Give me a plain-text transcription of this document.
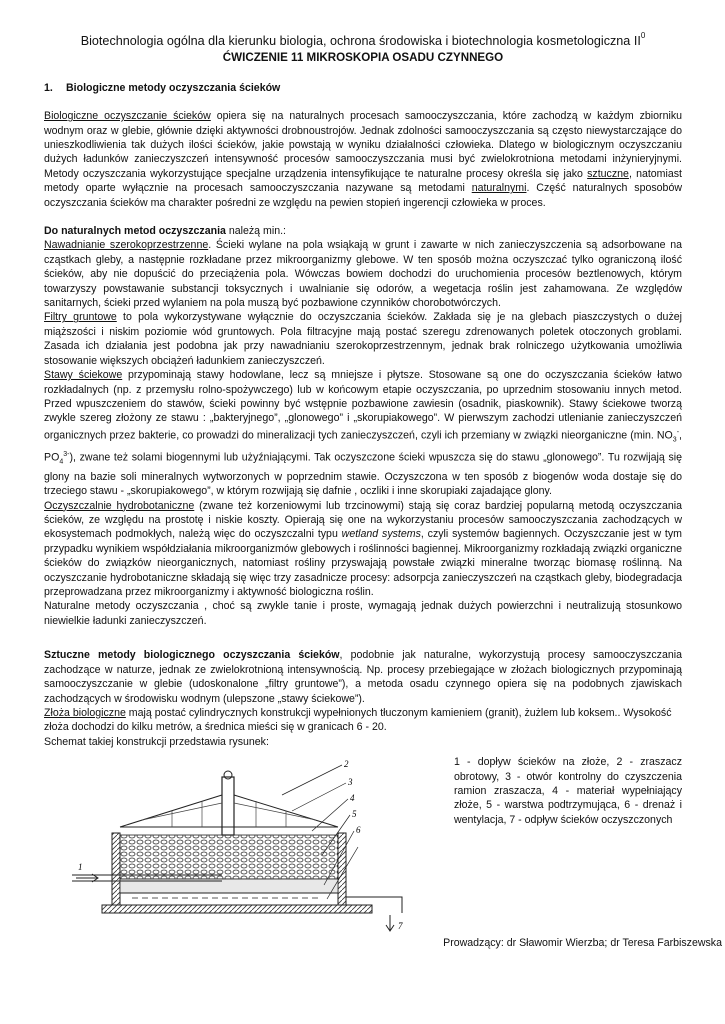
Biotechnologia ogólna dla kierunku biologia, ochrona środowiska i biotechnologia kosmetologiczna $II^0$
ĆWICZENIE 11 MIKROSKOPIA OSADU CZYNNEGO
1. Biologiczne metody oczyszczania ścieków

Biologiczne oczyszczanie ścieków opiera się na naturalnych procesach samooczyszczania, które zachodzą w każdym zbiorniku wodnym oraz w glebie, głównie dzięki aktywności drobnoustrojów. Jednak zdolności samooczyszczania są często niewystarczające do unieszkodliwienia tak dużych ilości ścieków, jakie powstają w wyniku działalności człowieka. Dlatego w biologicznym oczyszczaniu dużych ładunków zanieczyszczeń intensywność procesów samooczyszczania musi być zwielokrotniona metodami inżynieryjnymi. Metody oczyszczania wykorzystujące specjalne urządzenia intensyfikujące te naturalne procesy określa się jako sztuczne, natomiast metody oparte wyłącznie na procesach samooczyszczania nazywane są metodami naturalnymi. Część naturalnych sposobów oczyszczania ścieków ma charakter pośredni ze względu na pewien stopień ingerencji człowieka w proces.

Do naturalnych metod oczyszczania należą min.:

Nawadnianie szerokoprzestrzenne. Ścieki wylane na pola wsiąkają w grunt i zawarte w nich zanieczyszczenia są adsorbowane na cząstkach gleby, a następnie rozkładane przez mikroorganizmy glebowe. W ten sposób można oczyszczać tylko ograniczoną ilość ścieków, aby nie dopuścić do przeciążenia pola. Wówczas bowiem dochodzi do uruchomienia procesów beztlenowych, którym towarzyszy powstawanie substancji toksycznych i uwalnianie się odorów, a wegetacja roślin jest zahamowana. Ze względów sanitarnych, ścieki przed wylaniem na pola muszą być pozbawione czynników chorobotwórczych.

Filtry gruntowe to pola wykorzystywane wyłącznie do oczyszczania ścieków. Zakłada się je na glebach piaszczystych o dużej miąższości i niskim poziomie wód gruntowych. Pola filtracyjne mają postać szeregu zdrenowanych poletek otoczonych groblami. Zasada ich działania jest podobna jak przy nawadnianiu szerokoprzestrzennym, jednak brak rolniczego użytkowania umożliwia stosowanie większych obciążeń ładunkiem zanieczyszczeń.

Stawy ściekowe przypominają stawy hodowlane, lecz są mniejsze i płytsze. Stosowane są one do oczyszczania ścieków łatwo rozkładalnych (np. z przemysłu rolno-spożywczego) lub w końcowym etapie oczyszczania, po uprzednim stosowaniu innych metod. Przed wpuszczeniem do stawów, ścieki powinny być wstępnie pozbawione zawiesin (osadnik, piaskownik). Stawy ściekowe tworzą zwykle szereg złożony ze stawu : „bakteryjnego”, „glonowego” i „skorupiakowego”. W pierwszym zachodzi utlenianie zanieczyszczeń organicznych przez bakterie, co prowadzi do mineralizacji tych zanieczyszczeń, czyli ich przemiany w związki nieorganiczne (min. $NO_3^-$, $PO_4^{3-}$), zwane też solami biogennymi lub użyźniającymi. Tak oczyszczone ścieki wpuszcza się do stawu „glonowego”. Tu rozwijają się glony na bazie soli mineralnych wytworzonych w poprzednim stawie. Oczyszczona w ten sposób z biogenów woda dostaje się do trzeciego stawu - „skorupiakowego”, w którym rozwijają się dafnie , oczliki i inne skorupiaki zajadające glony.

Oczyszczalnie hydrobotaniczne (zwane też korzeniowymi lub trzcinowymi) stają się coraz bardziej popularną metodą oczyszczania ścieków, ze względu na prostotę i niskie koszty. Opierają się one na wykorzystaniu procesów samooczyszczania zachodzących w ekosystemach podmokłych, należą więc do oczyszczalni typu wetland systems, czyli systemów bagiennych. Oczyszczanie jest w tym przypadku wynikiem współdziałania mikroorganizmów glebowych i roślinności bagiennej. Mikroorganizmy rozkładają związki organiczne ścieków do związków nieorganicznych, natomiast rośliny przyswajają powstałe związki mineralne tworząc biomasę roślinną. Na oczyszczanie hydrobotaniczne składają się więc trzy zasadnicze procesy: adsorpcja zanieczyszczeń na cząstkach gleby, biodegradacja przeprowadzana przez mikroorganizmy i aktywność biologiczna roślin.

Naturalne metody oczyszczania , choć są zwykle tanie i proste, wymagają jednak dużych powierzchni i neutralizują stosunkowo niewielkie ładunki zanieczyszczeń.

Sztuczne metody biologicznego oczyszczania ścieków, podobnie jak naturalne, wykorzystują procesy samooczyszczania zachodzące w naturze, jednak ze zwielokrotnioną intensywnością. Np. procesy przebiegające w złożach biologicznych przypominają samooczyszczanie w glebie (udoskonalone „filtry gruntowe”), a metoda osadu czynnego opiera się na podobnych zjawiskach zachodzących w środowisku wodnym (ulepszone „stawy ściekowe”).

Złoża biologiczne mają postać cylindrycznych konstrukcji wypełnionych tłuczonym kamieniem (granit), żużlem lub koksem.. Wysokość złoża dochodzi do kilku metrów, a średnica mieści się w granicach 6 - 20.

Schemat takiej konstrukcji przedstawia rysunek:

2
3
4
5
6
1
7
1 - dopływ ścieków na złoże, 2 - zraszacz obrotowy, 3 - otwór kontrolny do czyszczenia ramion zraszacza, 4 - materiał wypełniający złoże, 5 - warstwa podtrzymująca, 6 - drenaż i wentylacja, 7 - odpływ ścieków oczyszczonych
Prowadzący: dr Sławomir Wierzba; dr Teresa Farbiszewska
